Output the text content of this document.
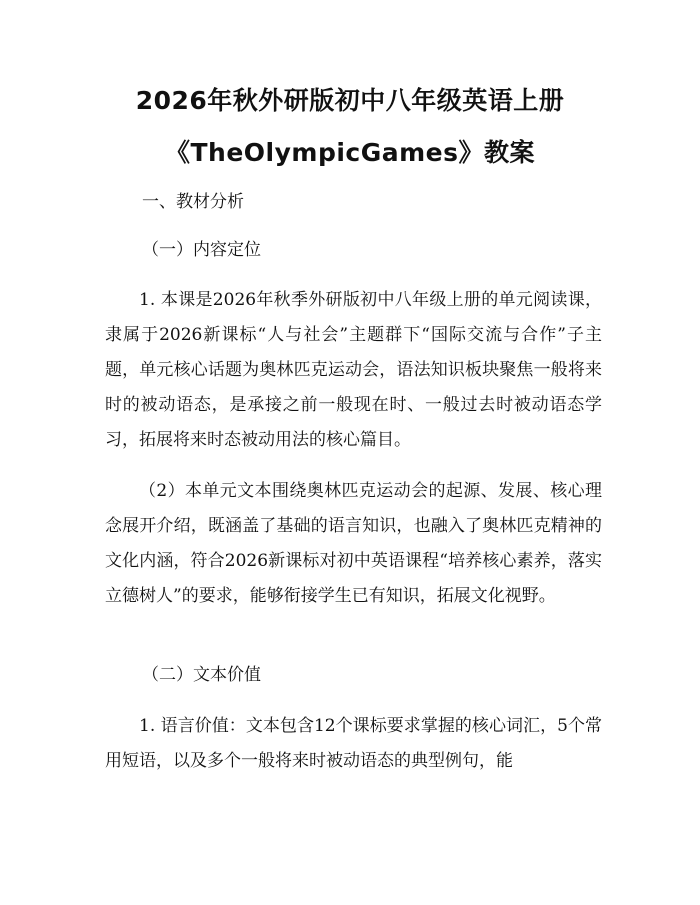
2026年秋外研版初中八年级英语上册
《TheOlympicGames》教案

一、教材分析

（一）内容定位

1. 本课是2026年秋季外研版初中八年级上册的单元阅读课，隶属于2026新课标“人与社会”主题群下“国际交流与合作”子主题，单元核心话题为奥林匹克运动会，语法知识板块聚焦一般将来时的被动语态，是承接之前一般现在时、一般过去时被动语态学习，拓展将来时态被动用法的核心篇目。

（2）本单元文本围绕奥林匹克运动会的起源、发展、核心理念展开介绍，既涵盖了基础的语言知识，也融入了奥林匹克精神的文化内涵，符合2026新课标对初中英语课程“培养核心素养，落实立德树人”的要求，能够衔接学生已有知识，拓展文化视野。

（二）文本价值

1. 语言价值：文本包含12个课标要求掌握的核心词汇，5个常用短语，以及多个一般将来时被动语态的典型例句，能
